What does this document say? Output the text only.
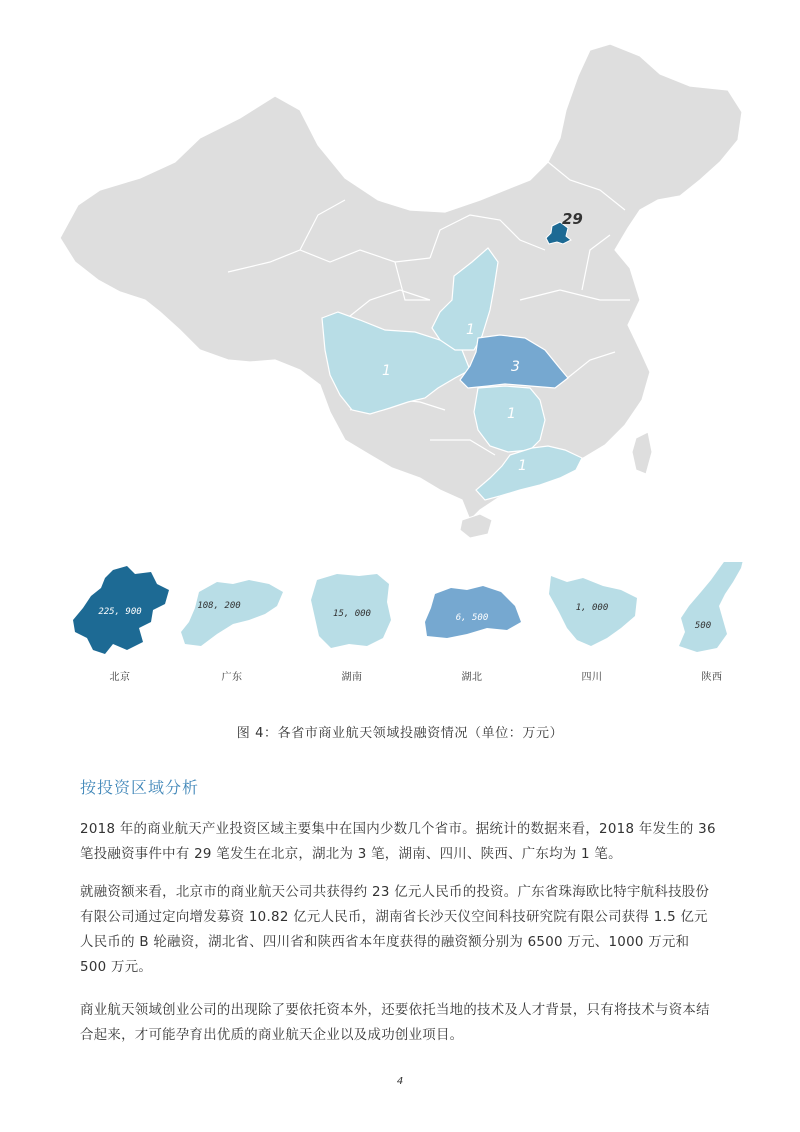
29
1
3
1
1
1
225, 900
北京
108, 200
广东
15, 000
湖南
6, 500
湖北
1, 000
四川
500
陕西
图 4：各省市商业航天领域投融资情况（单位：万元）
按投资区域分析
2018 年的商业航天产业投资区域主要集中在国内少数几个省市。据统计的数据来看，2018 年发生的 36 笔投融资事件中有 29 笔发生在北京，湖北为 3 笔，湖南、四川、陕西、广东均为 1 笔。
就融资额来看，北京市的商业航天公司共获得约 23 亿元人民币的投资。广东省珠海欧比特宇航科技股份有限公司通过定向增发募资 10.82 亿元人民币，湖南省长沙天仪空间科技研究院有限公司获得 1.5 亿元人民币的 B 轮融资，湖北省、四川省和陕西省本年度获得的融资额分别为 6500 万元、1000 万元和 500 万元。
商业航天领域创业公司的出现除了要依托资本外，还要依托当地的技术及人才背景，只有将技术与资本结合起来，才可能孕育出优质的商业航天企业以及成功创业项目。
4
